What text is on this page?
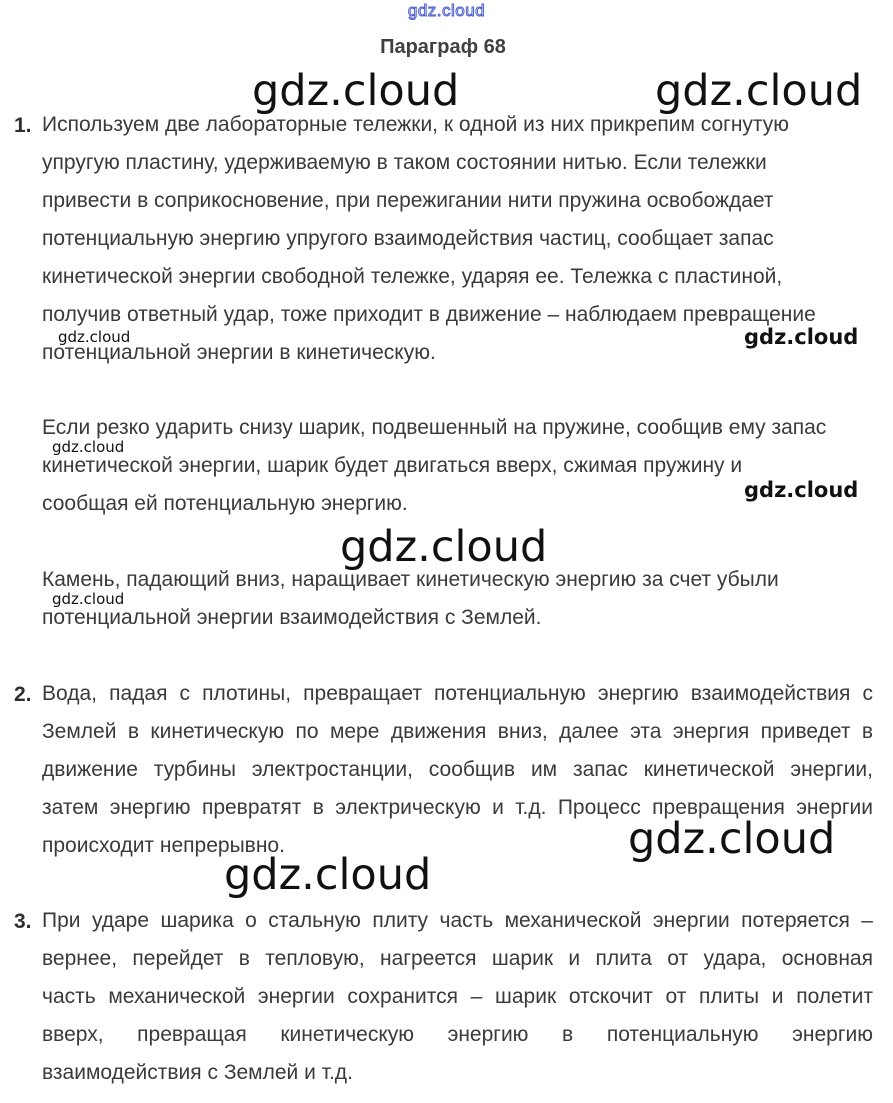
gdz.cloud
Параграф 68
1. Используем две лабораторные тележки, к одной из них прикрепим согнутую
упругую пластину, удерживаемую в таком состоянии нитью. Если тележки
привести в соприкосновение, при пережигании нити пружина освобождает
потенциальную энергию упругого взаимодействия частиц, сообщает запас
кинетической энергии свободной тележке, ударяя ее. Тележка с пластиной,
получив ответный удар, тоже приходит в движение – наблюдаем превращение
потенциальной энергии в кинетическую.
Если резко ударить снизу шарик, подвешенный на пружине, сообщив ему запас
кинетической энергии, шарик будет двигаться вверх, сжимая пружину и
сообщая ей потенциальную энергию.
Камень, падающий вниз, наращивает кинетическую энергию за счет убыли
потенциальной энергии взаимодействия с Землей.
2. Вода, падая с плотины, превращает потенциальную энергию взаимодействия с
Землей в кинетическую по мере движения вниз, далее эта энергия приведет в
движение турбины электростанции, сообщив им запас кинетической энергии,
затем энергию превратят в электрическую и т.д. Процесс превращения энергии
происходит непрерывно.
3. При ударе шарика о стальную плиту часть механической энергии потеряется –
вернее, перейдет в тепловую, нагреется шарик и плита от удара, основная
часть механической энергии сохранится – шарик отскочит от плиты и полетит
вверх, превращая кинетическую энергию в потенциальную энергию
взаимодействия с Землей и т.д.
gdz.cloud	gdz.cloud
gdz.cloud	gdz.cloud
gdz.cloud
gdz.cloud
gdz.cloud
gdz.cloud
gdz.cloud
gdz.cloud
